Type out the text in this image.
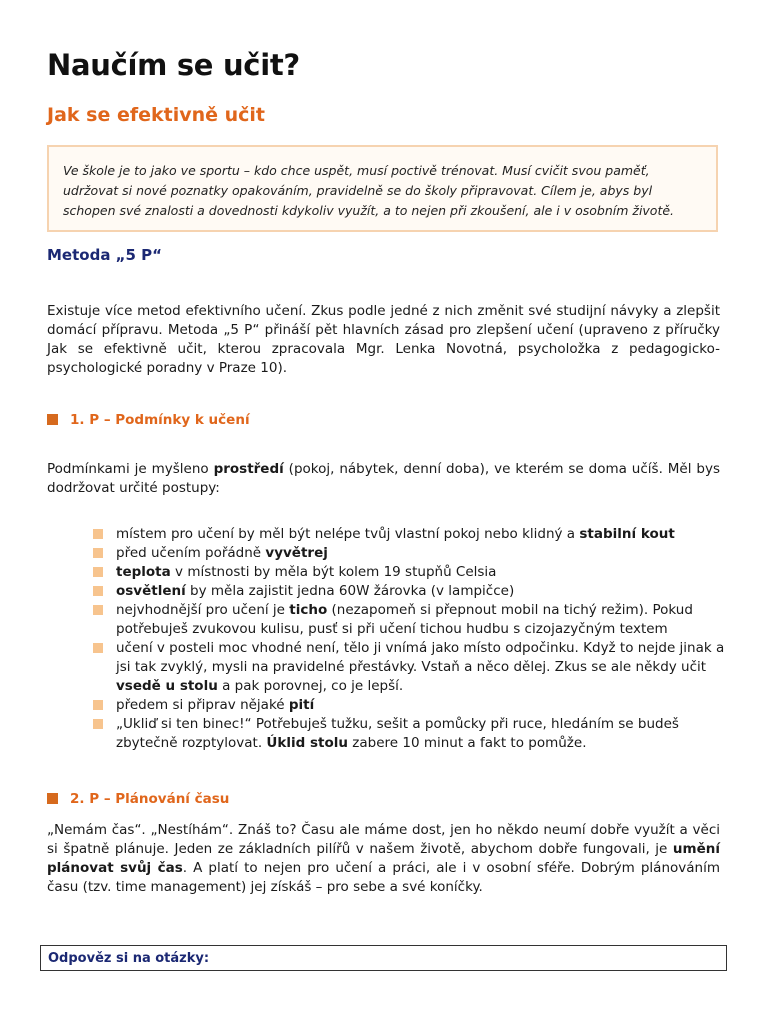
Naučím se učit?
Jak se efektivně učit
Ve škole je to jako ve sportu – kdo chce uspět, musí poctivě trénovat. Musí cvičit svou paměť, udržovat si nové poznatky opakováním, pravidelně se do školy připravovat. Cílem je, abys byl schopen své znalosti a dovednosti kdykoliv využít, a to nejen při zkoušení, ale i v osobním životě.
Metoda „5 P“
Existuje více metod efektivního učení. Zkus podle jedné z nich změnit své studijní návyky a zlepšit domácí přípravu. Metoda „5 P“ přináší pět hlavních zásad pro zlepšení učení (upraveno z příručky Jak se efektivně učit, kterou zpracovala Mgr. Lenka Novotná, psycholožka z pedagogicko-psychologické poradny v Praze 10).
1. P – Podmínky k učení
Podmínkami je myšleno prostředí (pokoj, nábytek, denní doba), ve kterém se doma učíš. Měl bys dodržovat určité postupy:
místem pro učení by měl být nelépe tvůj vlastní pokoj nebo klidný a stabilní kout
před učením pořádně vyvětrej
teplota v místnosti by měla být kolem 19 stupňů Celsia
osvětlení by měla zajistit jedna 60W žárovka (v lampičce)
nejvhodnější pro učení je ticho (nezapomeň si přepnout mobil na tichý režim). Pokud potřebuješ zvukovou kulisu, pusť si při učení tichou hudbu s cizojazyčným textem
učení v posteli moc vhodné není, tělo ji vnímá jako místo odpočinku. Když to nejde jinak a jsi tak zvyklý, mysli na pravidelné přestávky. Vstaň a něco dělej. Zkus se ale někdy učit vsedě u stolu a pak porovnej, co je lepší.
předem si připrav nějaké pití
„Ukliď si ten binec!“ Potřebuješ tužku, sešit a pomůcky při ruce, hledáním se budeš zbytečně rozptylovat. Úklid stolu zabere 10 minut a fakt to pomůže.
2. P – Plánování času
„Nemám čas“. „Nestíhám“. Znáš to? Času ale máme dost, jen ho někdo neumí dobře využít a věci si špatně plánuje. Jeden ze základních pilířů v našem životě, abychom dobře fungovali, je umění plánovat svůj čas. A platí to nejen pro učení a práci, ale i v osobní sféře. Dobrým plánováním času (tzv. time management) jej získáš – pro sebe a své koníčky.
Odpověz si na otázky:
